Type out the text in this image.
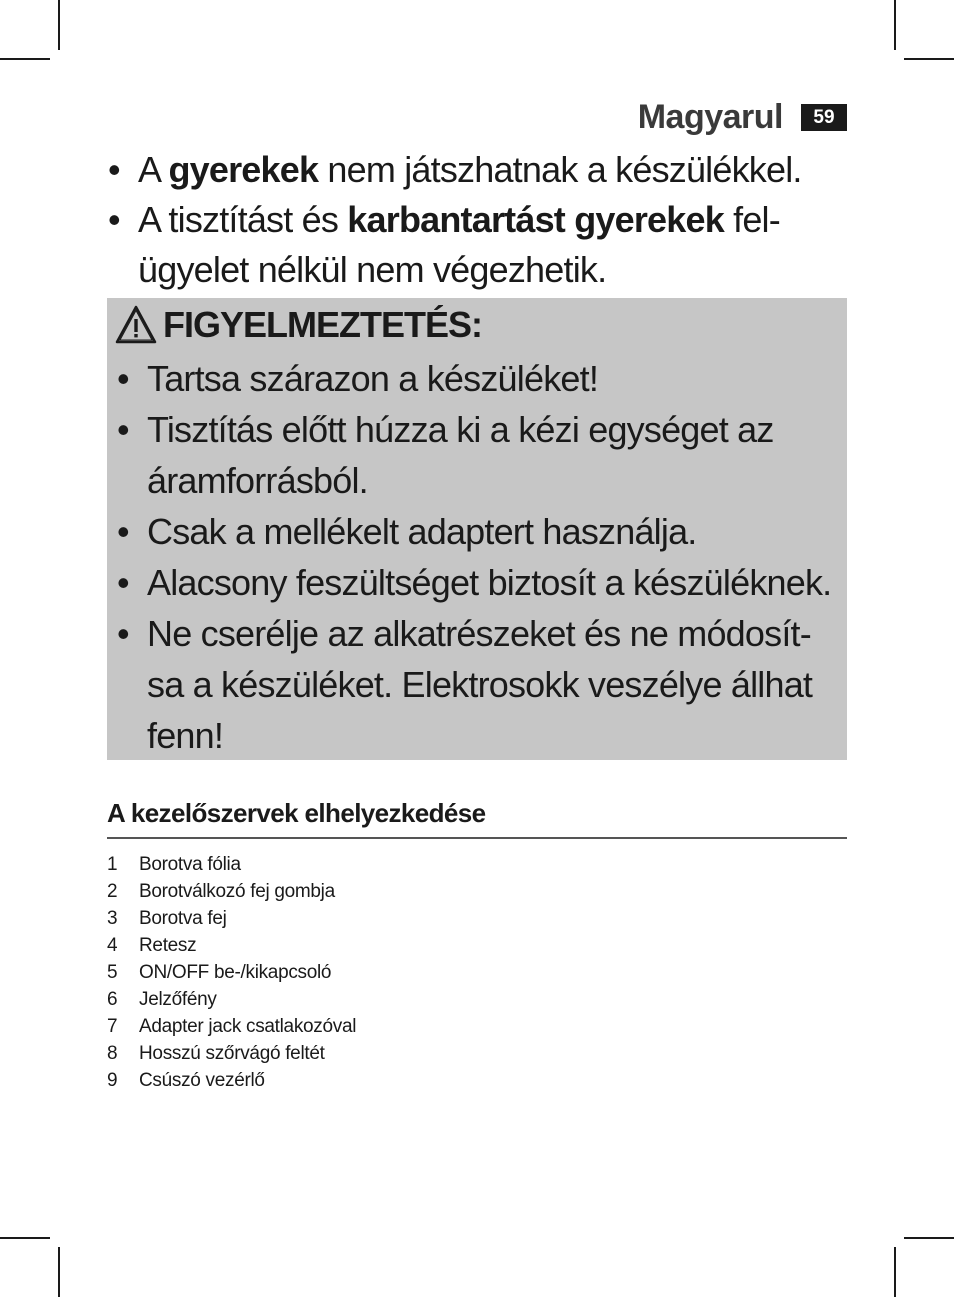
Magyarul	59
• A gyerekek nem játszhatnak a készülékkel.
• A tisztítást és karbantartást gyerekek fel-ügyelet nélkül nem végezhetik.
FIGYELMEZTETÉS:
• Tartsa szárazon a készüléket!
• Tisztítás előtt húzza ki a kézi egységet az áramforrásból.
• Csak a mellékelt adaptert használja.
• Alacsony feszültséget biztosít a készüléknek.
• Ne cserélje az alkatrészeket és ne módosít-sa a készüléket. Elektrosokk veszélye állhat fenn!
A kezelőszervek elhelyezkedése
1	Borotva fólia
2	Borotválkozó fej gombja
3	Borotva fej
4	Retesz
5	ON/OFF be-/kikapcsoló
6	Jelzőfény
7	Adapter jack csatlakozóval
8	Hosszú szőrvágó feltét
9	Csúszó vezérlő
